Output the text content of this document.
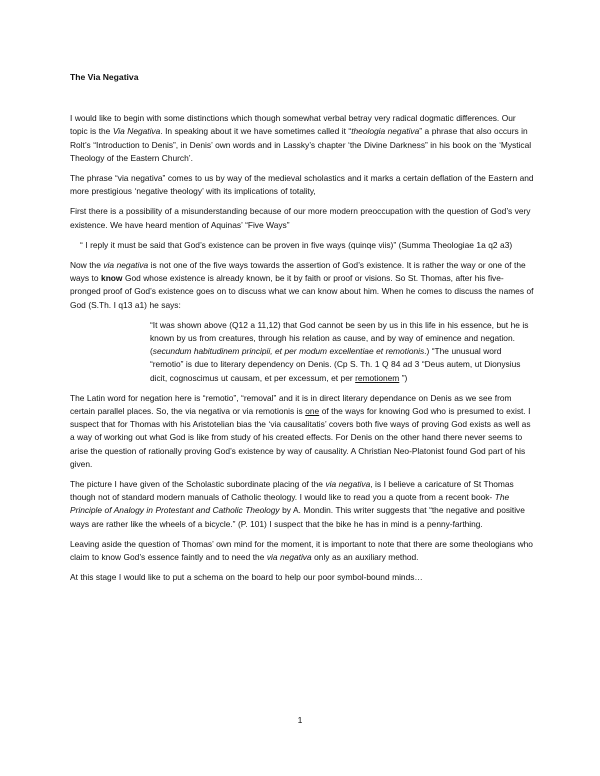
The Via Negativa

I would like to begin with some distinctions which though somewhat verbal betray very radical dogmatic differences. Our topic is the Via Negativa. In speaking about it we have sometimes called it “theologia negativa” a phrase that also occurs in Rolt’s “Introduction to Denis”, in Denis’ own words and in Lassky’s chapter ‘the Divine Darkness” in his book on the ‘Mystical Theology of the Eastern Church’.

The phrase “via negativa” comes to us by way of the medieval scholastics and it marks a certain deflation of the Eastern and more prestigious ‘negative theology’ with its implications of totality,

First there is a possibility of a misunderstanding because of our more modern preoccupation with the question of God’s very existence. We have heard mention of Aquinas’ “Five Ways”

“ I reply it must be said that God’s existence can be proven in five ways (quinqe viis)” (Summa Theologiae 1a q2 a3)

Now the via negativa is not one of the five ways towards the assertion of God’s existence. It is rather the way or one of the ways to know God whose existence is already known, be it by faith or proof or visions. So St. Thomas, after his five- pronged proof of God’s existence goes on to discuss what we can know about him. When he comes to discuss the names of God (S.Th. I q13 a1) he says:

“It was shown above (Q12 a 11,12) that God cannot be seen by us in this life in his essence, but he is known by us from creatures, through his relation as cause, and by way of eminence and negation. (secundum habitudinem principii, et per modum excellentiae et remotionis.) “The unusual word “remotio” is due to literary dependency on Denis. (Cp S. Th. 1 Q 84 ad 3 “Deus autem, ut Dionysius dicit, cognoscimus ut causam, et per excessum, et per remotionem ”)

The Latin word for negation here is “remotio”, “removal” and it is in direct literary dependance on Denis as we see from certain parallel places. So, the via negativa or via remotionis is one of the ways for knowing God who is presumed to exist. I suspect that for Thomas with his Aristotelian bias the ‘via causalitatis’ covers both five ways of proving God exists as well as a way of working out what God is like from study of his created effects. For Denis on the other hand there never seems to arise the question of rationally proving God’s existence by way of causality. A Christian Neo-Platonist found God part of his given.

The picture I have given of the Scholastic subordinate placing of the via negativa, is I believe a caricature of St Thomas though not of standard modern manuals of Catholic theology. I would like to read you a quote from a recent book- The Principle of Analogy in Protestant and Catholic Theology by A. Mondin. This writer suggests that “the negative and positive ways are rather like the wheels of a bicycle.” (P. 101) I suspect that the bike he has in mind is a penny-farthing.

Leaving aside the question of Thomas’ own mind for the moment, it is important to note that there are some theologians who claim to know God’s essence faintly and to need the via negativa only as an auxiliary method.

At this stage I would like to put a schema on the board to help our poor symbol-bound minds…

1
